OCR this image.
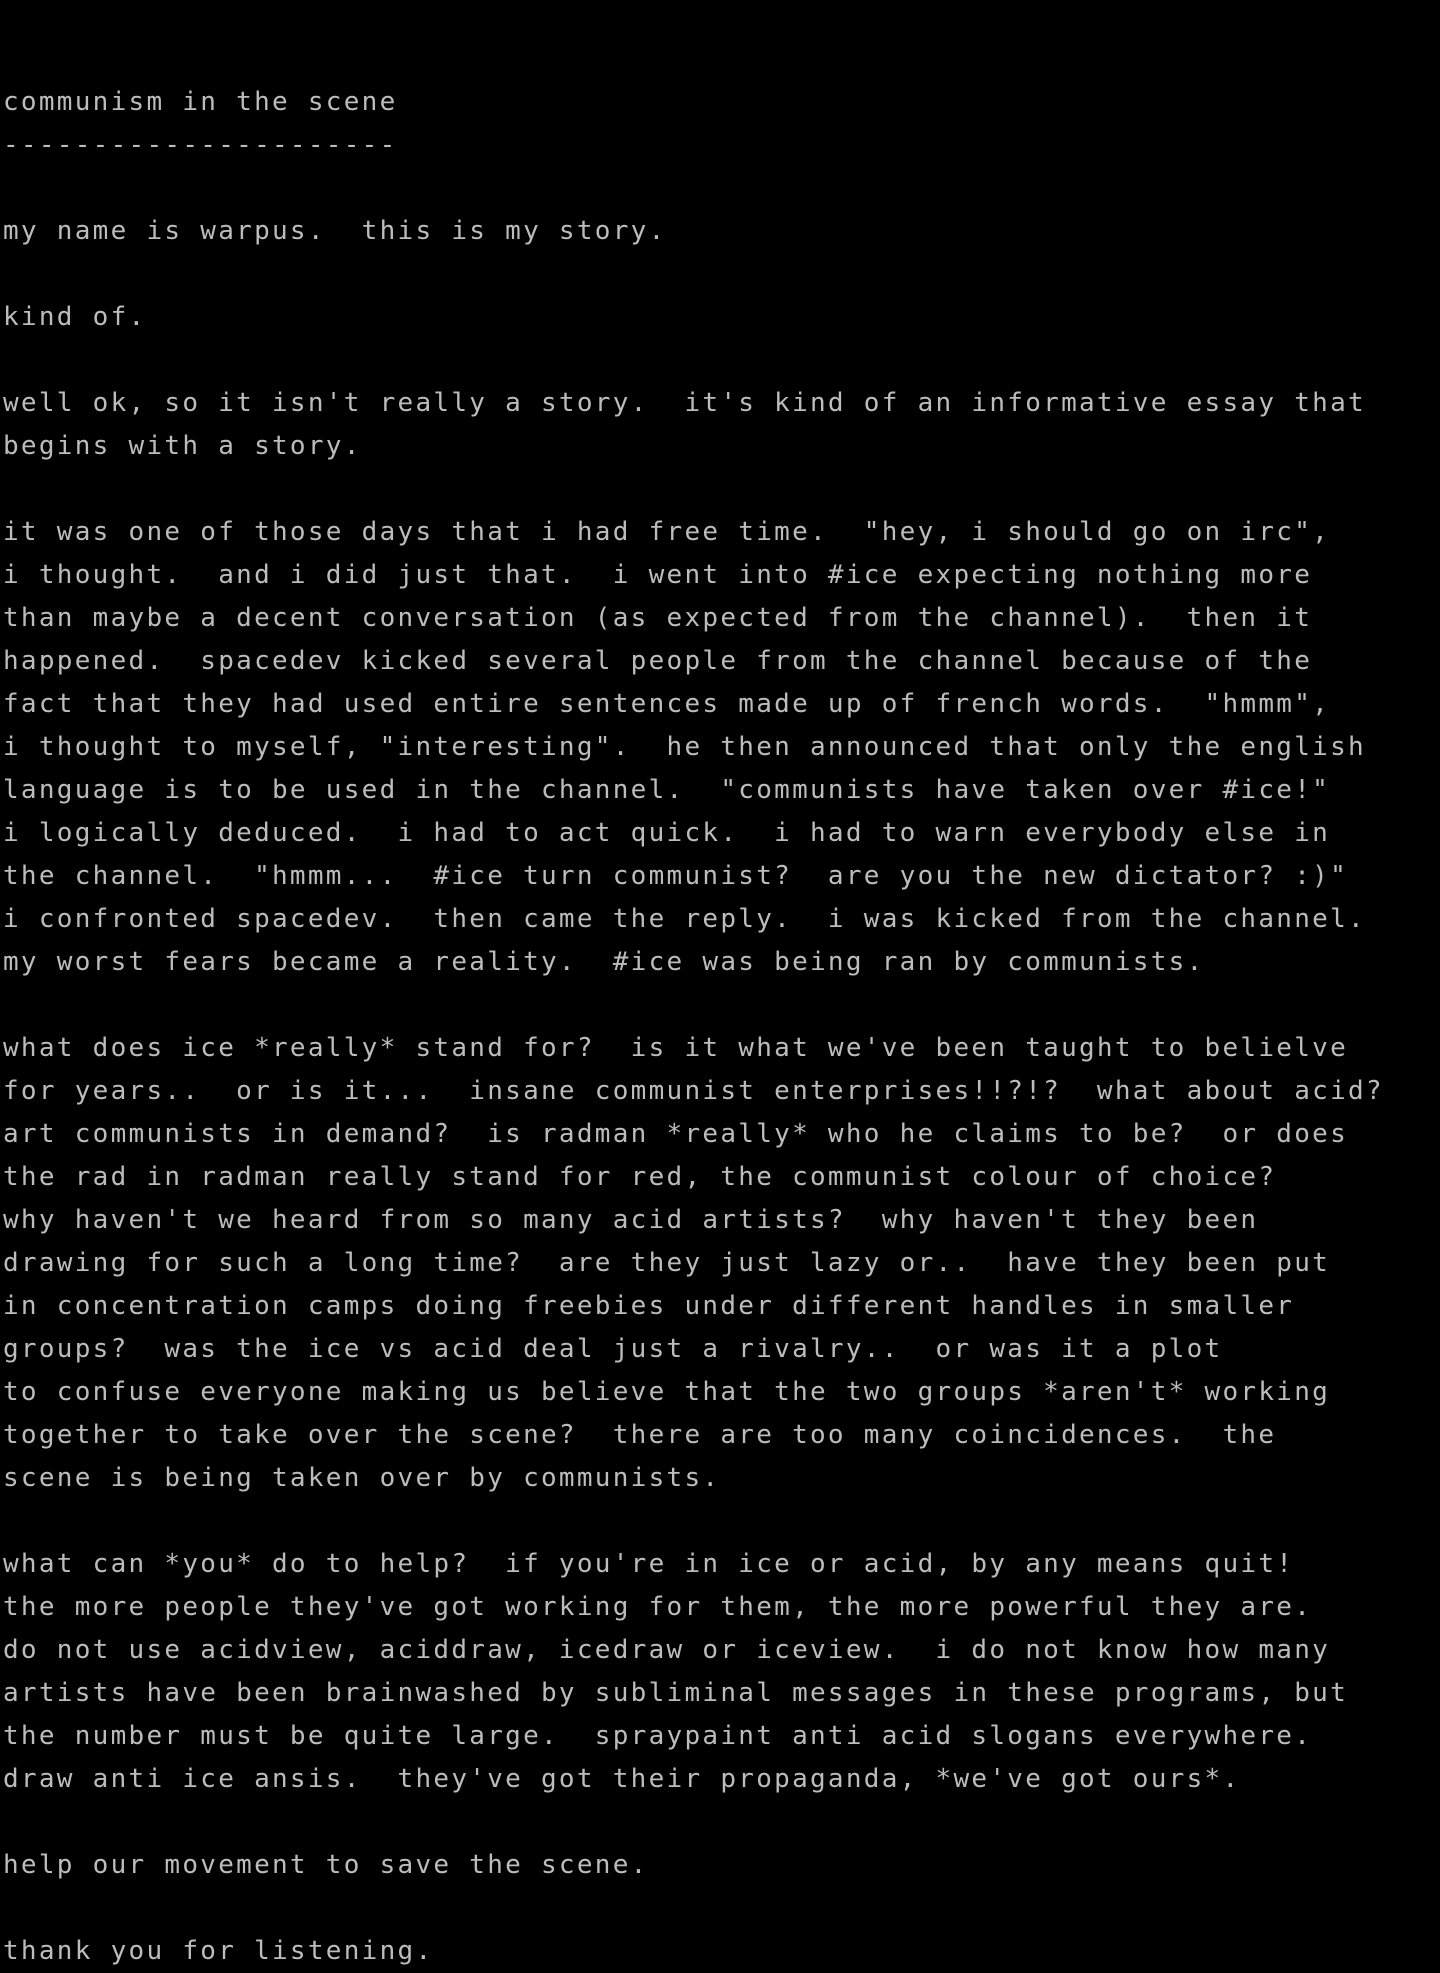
communism in the scene
----------------------

my name is warpus.  this is my story.

kind of.

well ok, so it isn't really a story.  it's kind of an informative essay that
begins with a story.

it was one of those days that i had free time.  "hey, i should go on irc",
i thought.  and i did just that.  i went into #ice expecting nothing more
than maybe a decent conversation (as expected from the channel).  then it
happened.  spacedev kicked several people from the channel because of the
fact that they had used entire sentences made up of french words.  "hmmm",
i thought to myself, "interesting".  he then announced that only the english
language is to be used in the channel.  "communists have taken over #ice!"
i logically deduced.  i had to act quick.  i had to warn everybody else in
the channel.  "hmmm...  #ice turn communist?  are you the new dictator? :)"
i confronted spacedev.  then came the reply.  i was kicked from the channel.
my worst fears became a reality.  #ice was being ran by communists.

what does ice *really* stand for?  is it what we've been taught to belielve
for years..  or is it...  insane communist enterprises!!?!?  what about acid?
art communists in demand?  is radman *really* who he claims to be?  or does
the rad in radman really stand for red, the communist colour of choice?
why haven't we heard from so many acid artists?  why haven't they been
drawing for such a long time?  are they just lazy or..  have they been put
in concentration camps doing freebies under different handles in smaller
groups?  was the ice vs acid deal just a rivalry..  or was it a plot
to confuse everyone making us believe that the two groups *aren't* working
together to take over the scene?  there are too many coincidences.  the
scene is being taken over by communists.

what can *you* do to help?  if you're in ice or acid, by any means quit!
the more people they've got working for them, the more powerful they are.
do not use acidview, aciddraw, icedraw or iceview.  i do not know how many
artists have been brainwashed by subliminal messages in these programs, but
the number must be quite large.  spraypaint anti acid slogans everywhere.
draw anti ice ansis.  they've got their propaganda, *we've got ours*.

help our movement to save the scene.

thank you for listening.
